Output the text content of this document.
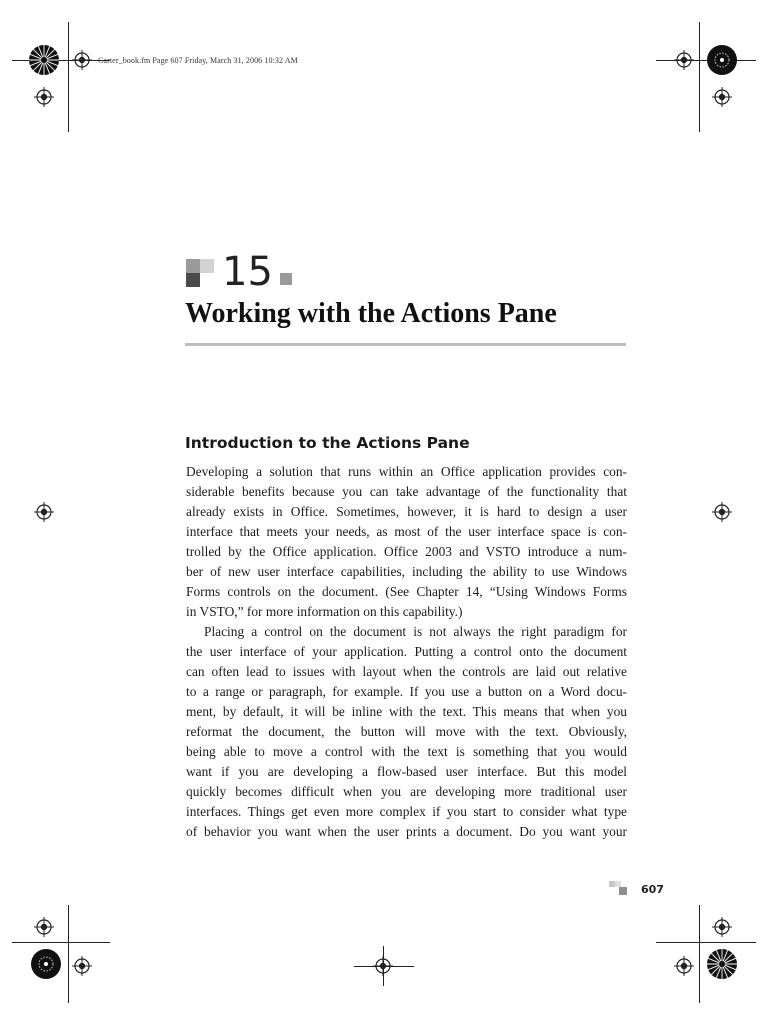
Carter_book.fm Page 607 Friday, March 31, 2006 10:32 AM
15
Working with the Actions Pane
Introduction to the Actions Pane
Developing a solution that runs within an Office application provides con-
siderable benefits because you can take advantage of the functionality that
already exists in Office. Sometimes, however, it is hard to design a user
interface that meets your needs, as most of the user interface space is con-
trolled by the Office application. Office 2003 and VSTO introduce a num-
ber of new user interface capabilities, including the ability to use Windows
Forms controls on the document. (See Chapter 14, “Using Windows Forms
in VSTO,” for more information on this capability.)
Placing a control on the document is not always the right paradigm for
the user interface of your application. Putting a control onto the document
can often lead to issues with layout when the controls are laid out relative
to a range or paragraph, for example. If you use a button on a Word docu-
ment, by default, it will be inline with the text. This means that when you
reformat the document, the button will move with the text. Obviously,
being able to move a control with the text is something that you would
want if you are developing a flow-based user interface. But this model
quickly becomes difficult when you are developing more traditional user
interfaces. Things get even more complex if you start to consider what type
of behavior you want when the user prints a document. Do you want your
607
